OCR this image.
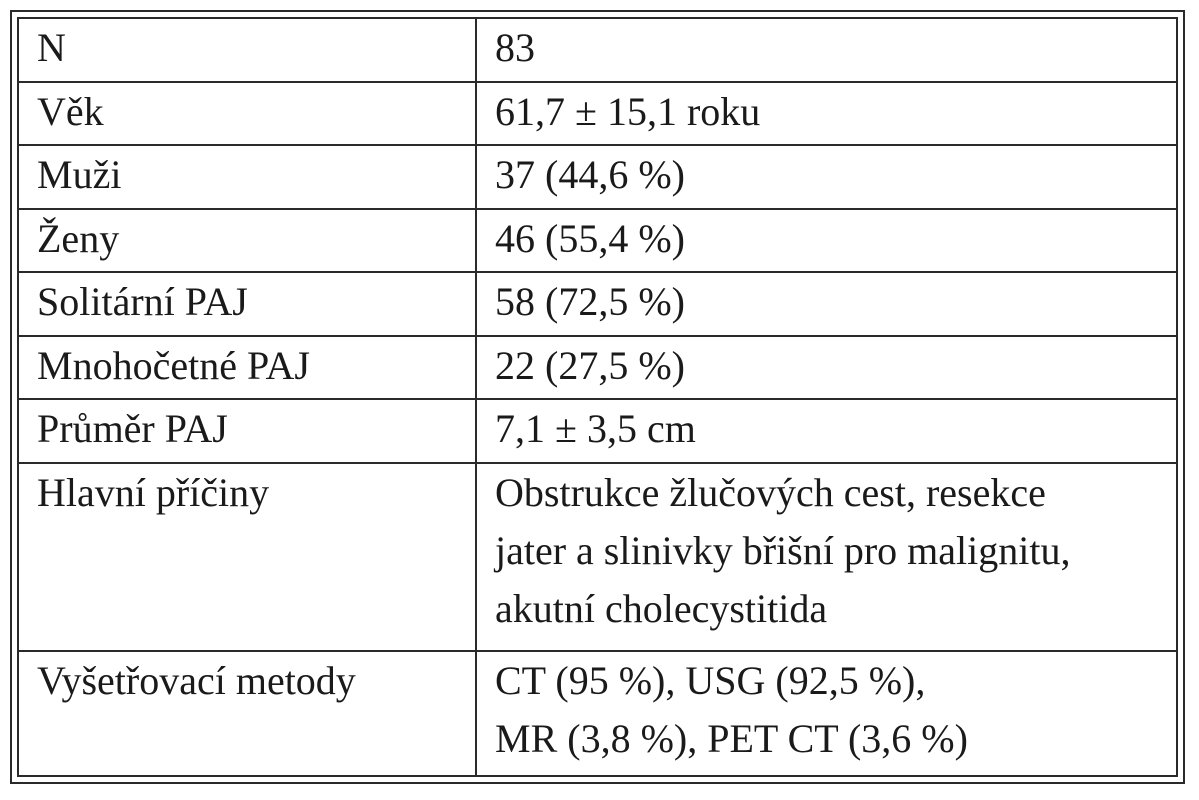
N	83

Věk	61,7 ± 15,1 roku

Muži	37 (44,6 %)

Ženy	46 (55,4 %)

Solitární PAJ	58 (72,5 %)

Mnohočetné PAJ	22 (27,5 %)

Průměr PAJ	7,1 ± 3,5 cm

Hlavní příčiny	Obstrukce žlučových cest, resekce
jater a slinivky břišní pro malignitu,
akutní cholecystitida

Vyšetřovací metody	CT (95 %), USG (92,5 %),
MR (3,8 %), PET CT (3,6 %)
